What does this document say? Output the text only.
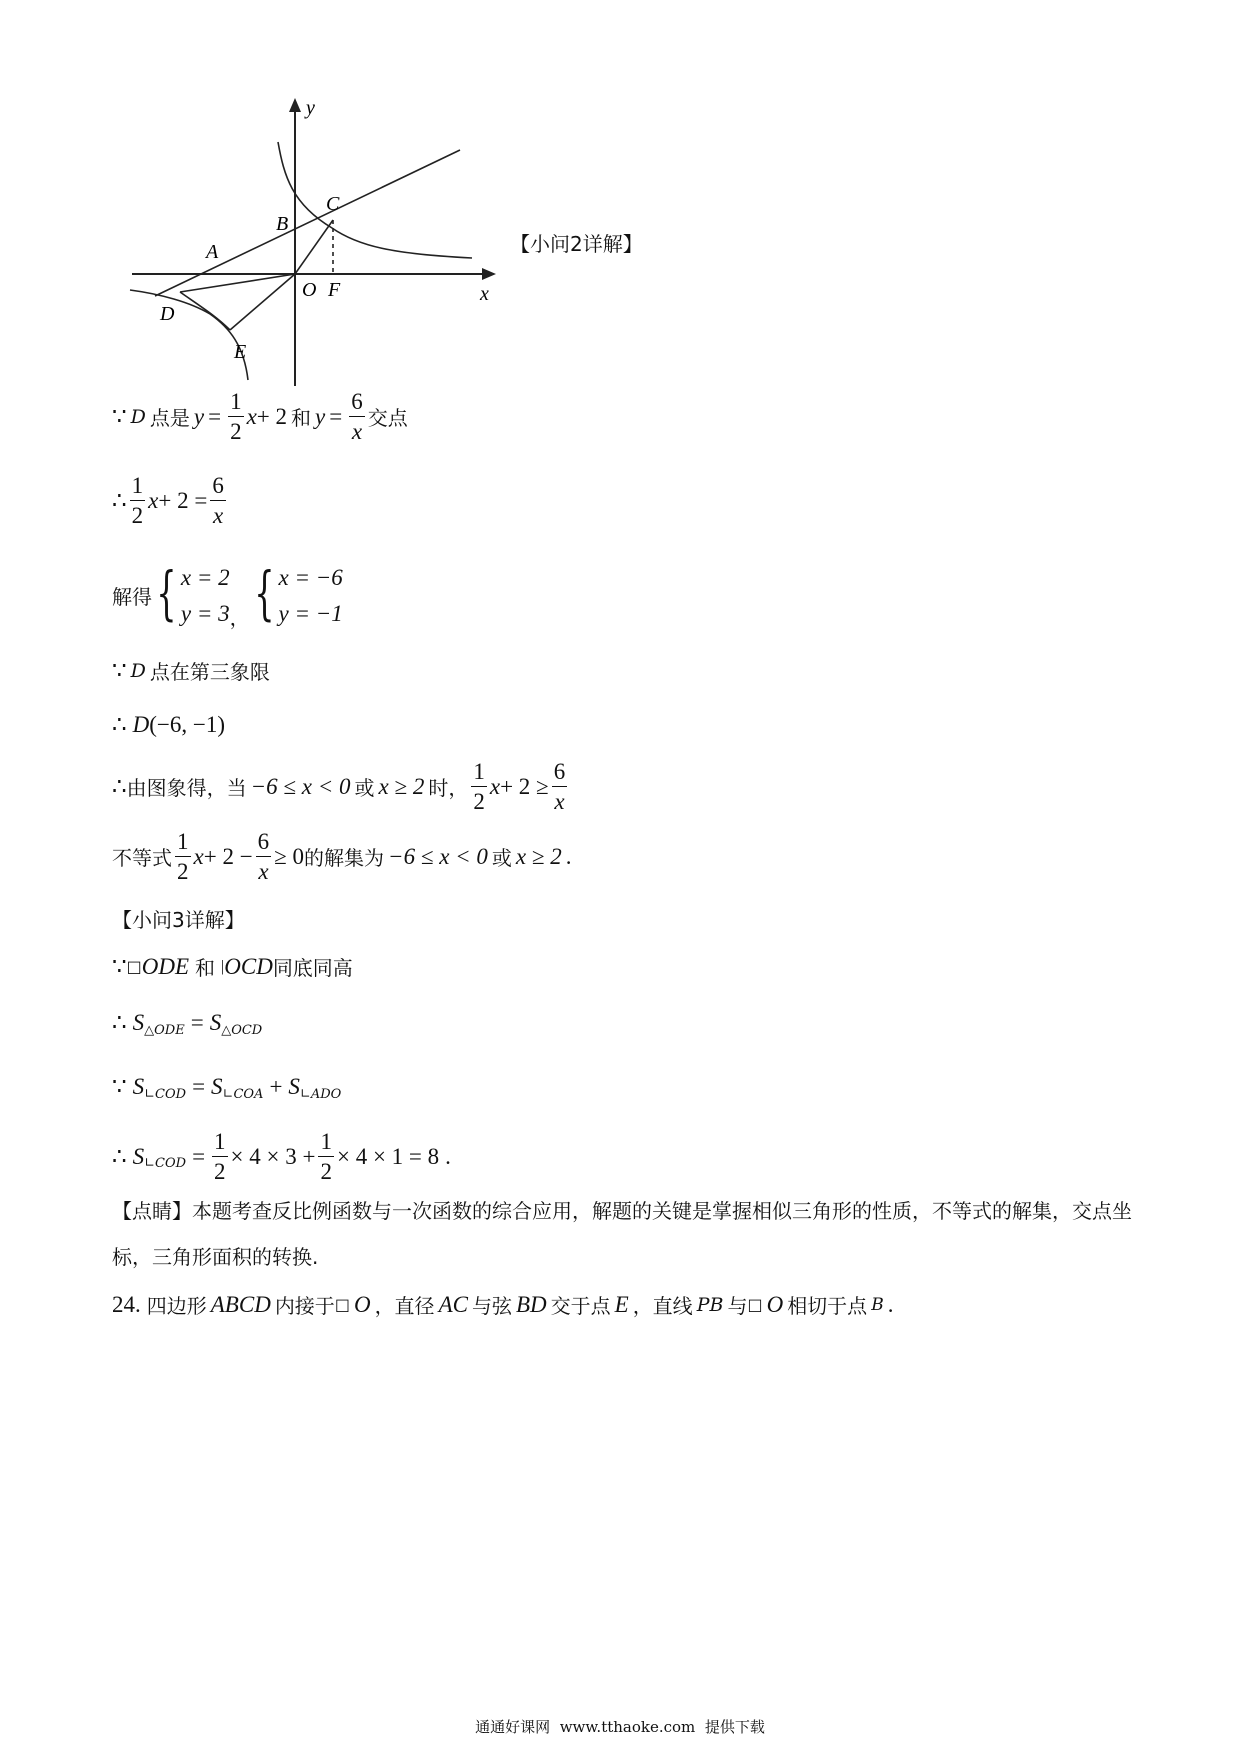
y
x
C
B
A
O F
D
E
【小问2详解】
∵ D 点是 $y = \frac{1}{2}$ x + 2 和 $y = \frac{6}{x}$ 交点
∴ $\frac{1}{2}$ $x + 2 = \frac{6}{x}$
解得 { x = 2
y = 3 ， { x = −6
y = −1
∵ D 点在第三象限
∴ D (−6, −1)
∴ 由图象得，当 −6 ≤ x < 0 或 x ≥ 2 时， $\frac{1}{2}$ $x + 2 \ge \frac{6}{x}$
不等式 $\frac{1}{2}$ $x + 2 - \frac{6}{x} \ge 0$ 的解集为 −6 ≤ x < 0 或 x ≥ 2 .
【小问3详解】
∵ □ ODE 和 | OCD 同底同高
∴ S △ODE = S △OCD
∵ S ∟COD = S ∟COA + S ∟ADO
∴ S ∟COD = $\frac{1}{2} \times 4 \times 3 + \frac{1}{2} \times 4 \times 1 = 8$ .
【点睛】本题考查反比例函数与一次函数的综合应用，解题的关键是掌握相似三角形的性质，不等式的解集，交点坐标，三角形面积的转换.
24. 四边形 ABCD 内接于 □ O ，直径 AC 与弦 BD 交于点 E ，直线 PB 与 □ O 相切于点 B .
通通好课网  www.tthaoke.com  提供下载
